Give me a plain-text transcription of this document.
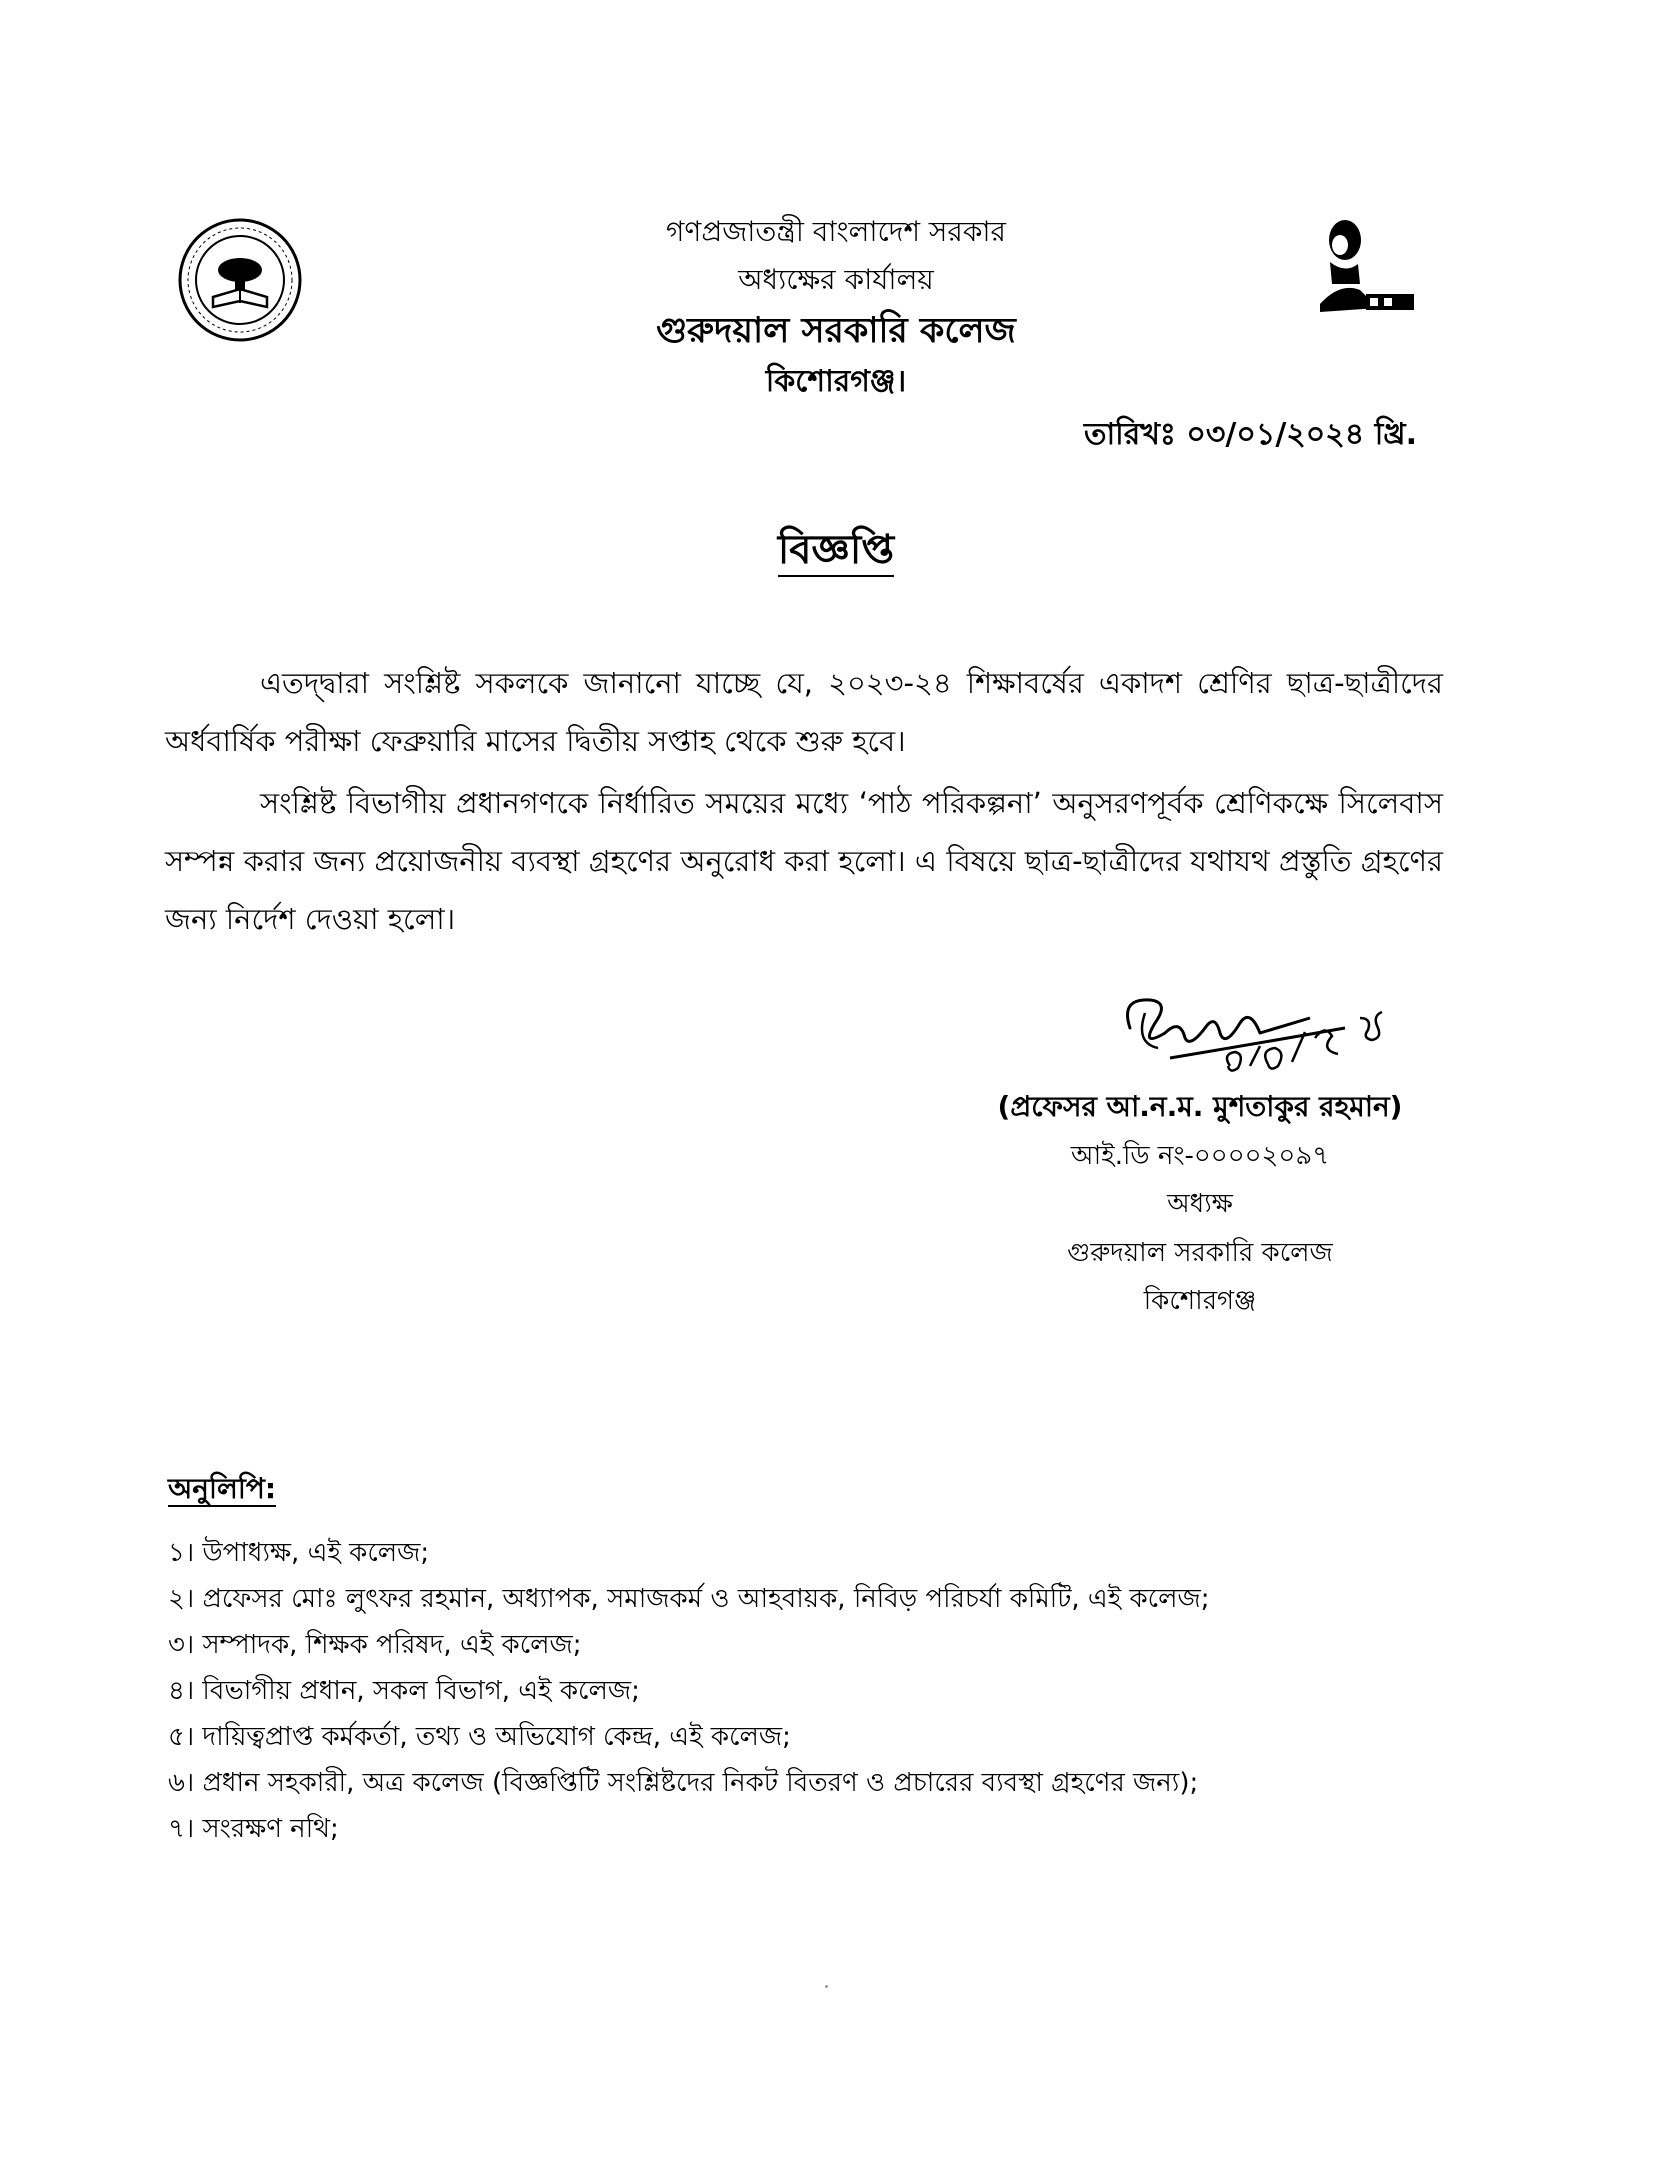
গণপ্রজাতন্ত্রী বাংলাদেশ সরকার
অধ্যক্ষের কার্যালয়
গুরুদয়াল সরকারি কলেজ
কিশোরগঞ্জ।
তারিখঃ ০৩/০১/২০২৪ খ্রি.
বিজ্ঞপ্তি

এতদ্দ্বারা সংশ্লিষ্ট সকলকে জানানো যাচ্ছে যে, ২০২৩-২৪ শিক্ষাবর্ষের একাদশ শ্রেণির ছাত্র-ছাত্রীদের অর্ধবার্ষিক পরীক্ষা ফেব্রুয়ারি মাসের দ্বিতীয় সপ্তাহ থেকে শুরু হবে।

সংশ্লিষ্ট বিভাগীয় প্রধানগণকে নির্ধারিত সময়ের মধ্যে ‘পাঠ পরিকল্পনা’ অনুসরণপূর্বক শ্রেণিকক্ষে সিলেবাস সম্পন্ন করার জন্য প্রয়োজনীয় ব্যবস্থা গ্রহণের অনুরোধ করা হলো। এ বিষয়ে ছাত্র-ছাত্রীদের যথাযথ প্রস্তুতি গ্রহণের জন্য নির্দেশ দেওয়া হলো।

(প্রফেসর আ.ন.ম. মুশতাকুর রহমান)
আই.ডি নং-০০০০২০৯৭
অধ্যক্ষ
গুরুদয়াল সরকারি কলেজ
কিশোরগঞ্জ
অনুলিপি:
১। উপাধ্যক্ষ, এই কলেজ;
২। প্রফেসর মোঃ লুৎফর রহমান, অধ্যাপক, সমাজকর্ম ও আহবায়ক, নিবিড় পরিচর্যা কমিটি, এই কলেজ;
৩। সম্পাদক, শিক্ষক পরিষদ, এই কলেজ;
৪। বিভাগীয় প্রধান, সকল বিভাগ, এই কলেজ;
৫। দায়িত্বপ্রাপ্ত কর্মকর্তা, তথ্য ও অভিযোগ কেন্দ্র, এই কলেজ;
৬। প্রধান সহকারী, অত্র কলেজ (বিজ্ঞপ্তিটি সংশ্লিষ্টদের নিকট বিতরণ ও প্রচারের ব্যবস্থা গ্রহণের জন্য);
৭। সংরক্ষণ নথি;
